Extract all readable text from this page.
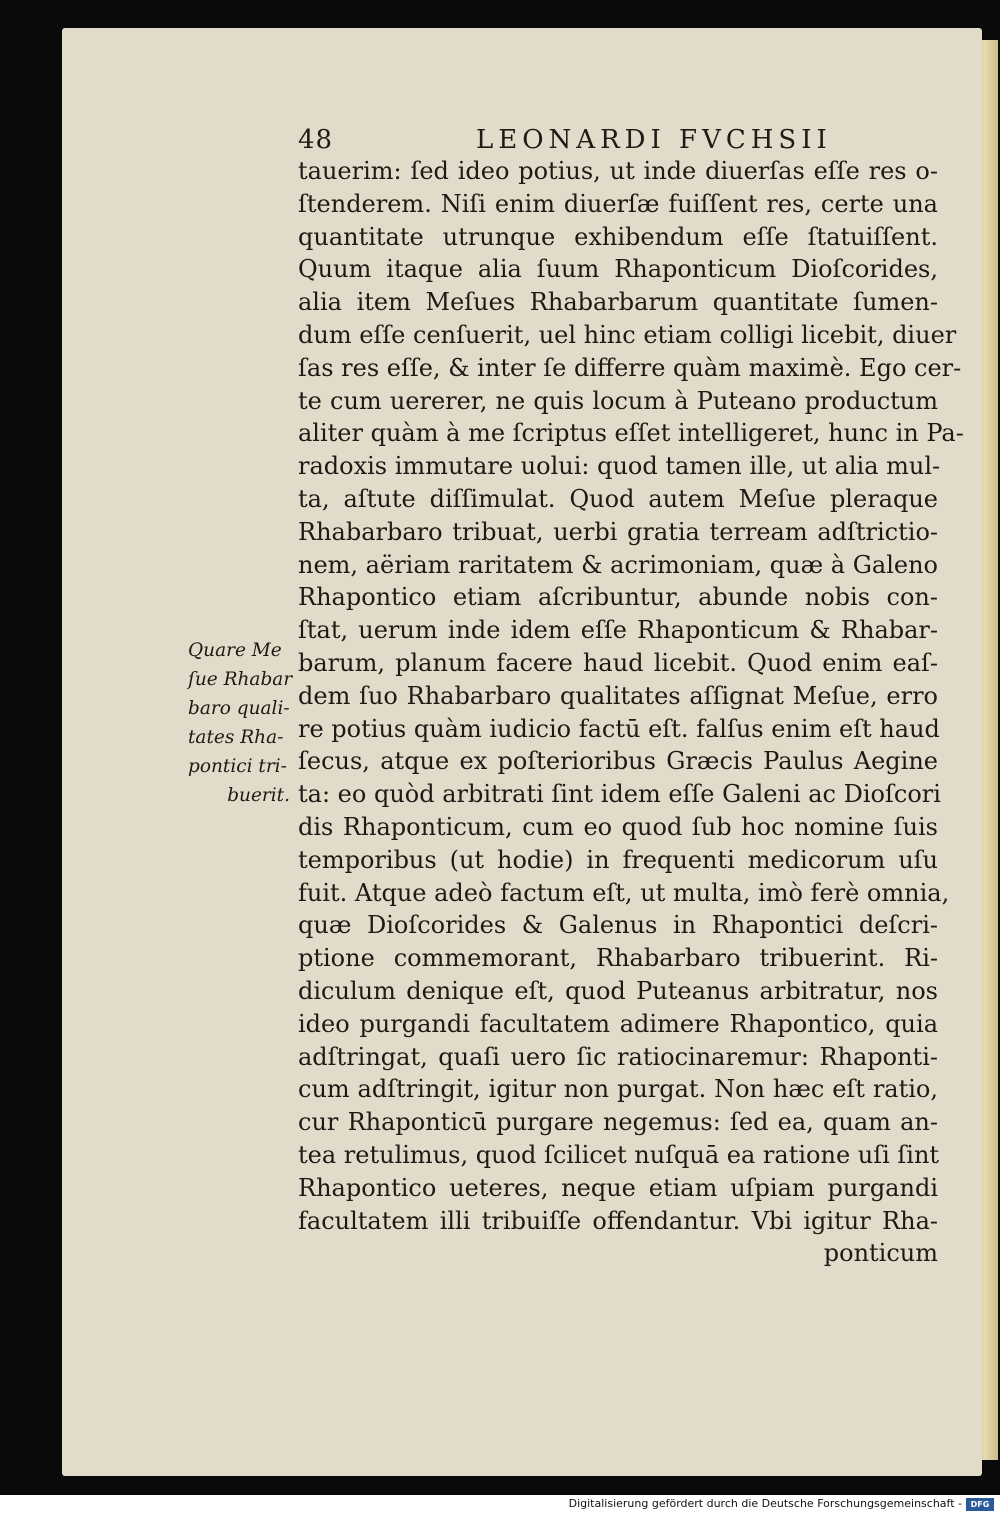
48	LEONARDI FVCHSII
tauerim: ſed ideo potius, ut inde diuerſas eſſe res o-
ſtenderem. Niſi enim diuerſæ fuiſſent res, certe una
quantitate utrunque exhibendum eſſe ſtatuiſſent.
Quum itaque alia ſuum Rhaponticum Dioſcorides,
alia item Meſues Rhabarbarum quantitate ſumen-
dum eſſe cenſuerit, uel hinc etiam colligi licebit, diuer
ſas res eſſe, & inter ſe differre quàm maximè. Ego cer-
te cum uererer, ne quis locum à Puteano productum
aliter quàm à me ſcriptus eſſet intelligeret, hunc in Pa-
radoxis immutare uolui: quod tamen ille, ut alia mul-
ta, aſtute diſſimulat. Quod autem Meſue pleraque
Rhabarbaro tribuat, uerbi gratia terream adſtrictio-
nem, aëriam raritatem & acrimoniam, quæ à Galeno
Rhapontico etiam aſcribuntur, abunde nobis con-
ſtat, uerum inde idem eſſe Rhaponticum & Rhabar-
barum, planum facere haud licebit. Quod enim eaſ-
dem ſuo Rhabarbaro qualitates aſſignat Meſue, erro
re potius quàm iudicio factū eſt. falſus enim eſt haud
ſecus, atque ex poſterioribus Græcis Paulus Aegine
ta: eo quòd arbitrati ſint idem eſſe Galeni ac Dioſcori
dis Rhaponticum, cum eo quod ſub hoc nomine ſuis
temporibus (ut hodie) in frequenti medicorum uſu
fuit. Atque adeò factum eſt, ut multa, imò ferè omnia,
quæ Dioſcorides & Galenus in Rhapontici deſcri-
ptione commemorant, Rhabarbaro tribuerint. Ri-
diculum denique eſt, quod Puteanus arbitratur, nos
ideo purgandi facultatem adimere Rhapontico, quia
adſtringat, quaſi uero ſic ratiocinaremur: Rhaponti-
cum adſtringit, igitur non purgat. Non hæc eſt ratio,
cur Rhaponticū purgare negemus: ſed ea, quam an-
tea retulimus, quod ſcilicet nuſquā ea ratione uſi ſint
Rhapontico ueteres, neque etiam uſpiam purgandi
facultatem illi tribuiſſe offendantur. Vbi igitur Rha-
ponticum
Quare Me
ſue Rhabar
baro quali-
tates Rha-
pontici tri-
buerit.
Digitalisierung gefördert durch die Deutsche Forschungsgemeinschaft -	DFG
